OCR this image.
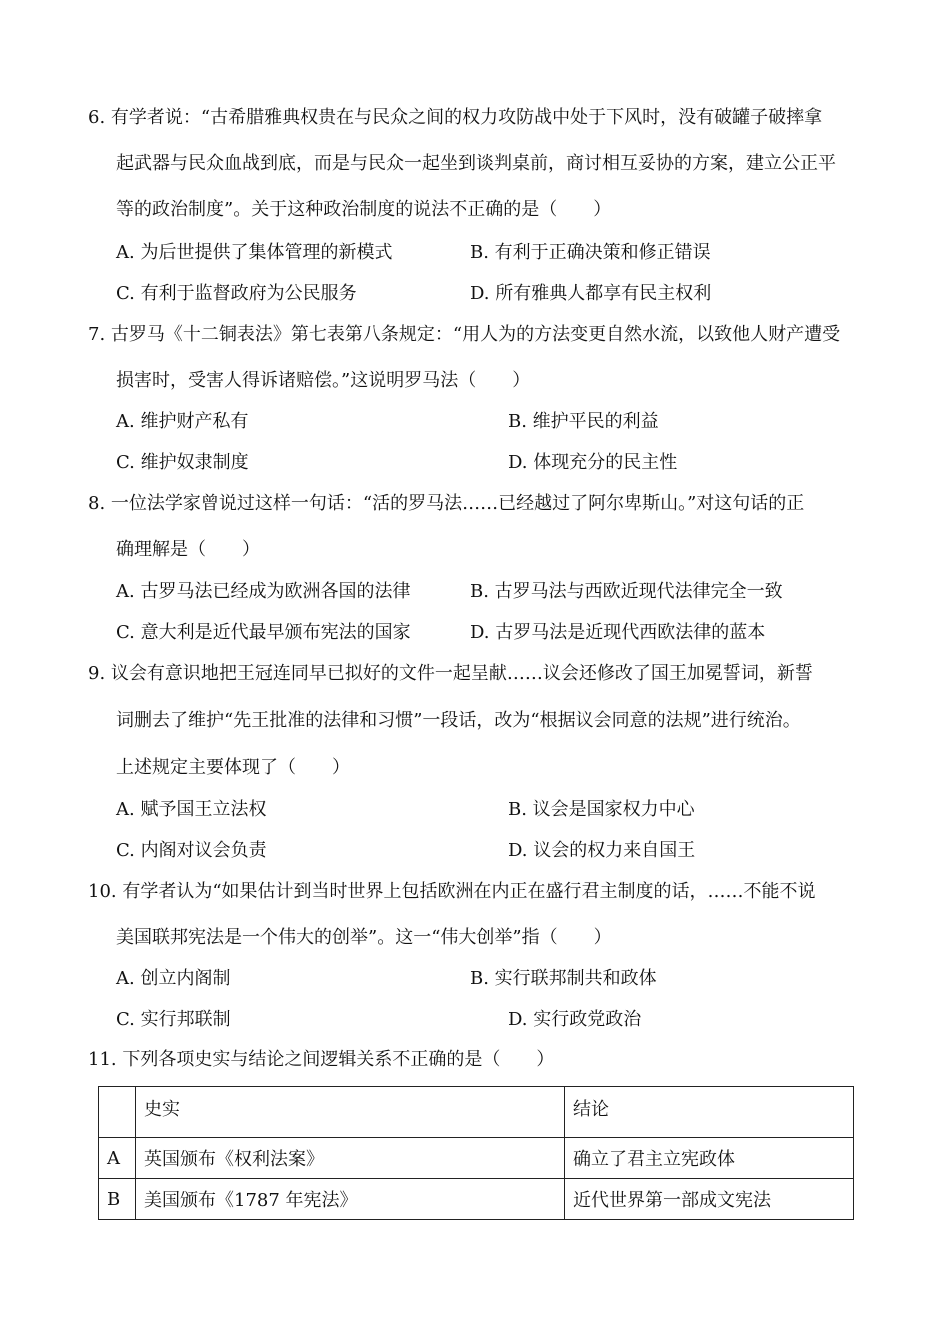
6. 有学者说：“古希腊雅典权贵在与民众之间的权力攻防战中处于下风时，没有破罐子破摔拿
起武器与民众血战到底，而是与民众一起坐到谈判桌前，商讨相互妥协的方案，建立公正平
等的政治制度”。关于这种政治制度的说法不正确的是（　　）
A. 为后世提供了集体管理的新模式	B. 有利于正确决策和修正错误
C. 有利于监督政府为公民服务	D. 所有雅典人都享有民主权利
7. 古罗马《十二铜表法》第七表第八条规定：“用人为的方法变更自然水流，以致他人财产遭受
损害时，受害人得诉诸赔偿。”这说明罗马法（　　）
A. 维护财产私有	B. 维护平民的利益
C. 维护奴隶制度	D. 体现充分的民主性
8. 一位法学家曾说过这样一句话：“活的罗马法……已经越过了阿尔卑斯山。”对这句话的正
确理解是（　　）
A. 古罗马法已经成为欧洲各国的法律	B. 古罗马法与西欧近现代法律完全一致
C. 意大利是近代最早颁布宪法的国家	D. 古罗马法是近现代西欧法律的蓝本
9. 议会有意识地把王冠连同早已拟好的文件一起呈献……议会还修改了国王加冕誓词，新誓
词删去了维护“先王批准的法律和习惯”一段话，改为“根据议会同意的法规”进行统治。
上述规定主要体现了（　　）
A. 赋予国王立法权	B. 议会是国家权力中心
C. 内阁对议会负责	D. 议会的权力来自国王
10. 有学者认为“如果估计到当时世界上包括欧洲在内正在盛行君主制度的话，……不能不说
美国联邦宪法是一个伟大的创举”。这一“伟大创举”指（　　）
A. 创立内阁制	B. 实行联邦制共和政体
C. 实行邦联制	D. 实行政党政治
11. 下列各项史实与结论之间逻辑关系不正确的是（　　）
	史实	结论
A	英国颁布《权利法案》	确立了君主立宪政体
B	美国颁布《1787 年宪法》	近代世界第一部成文宪法
